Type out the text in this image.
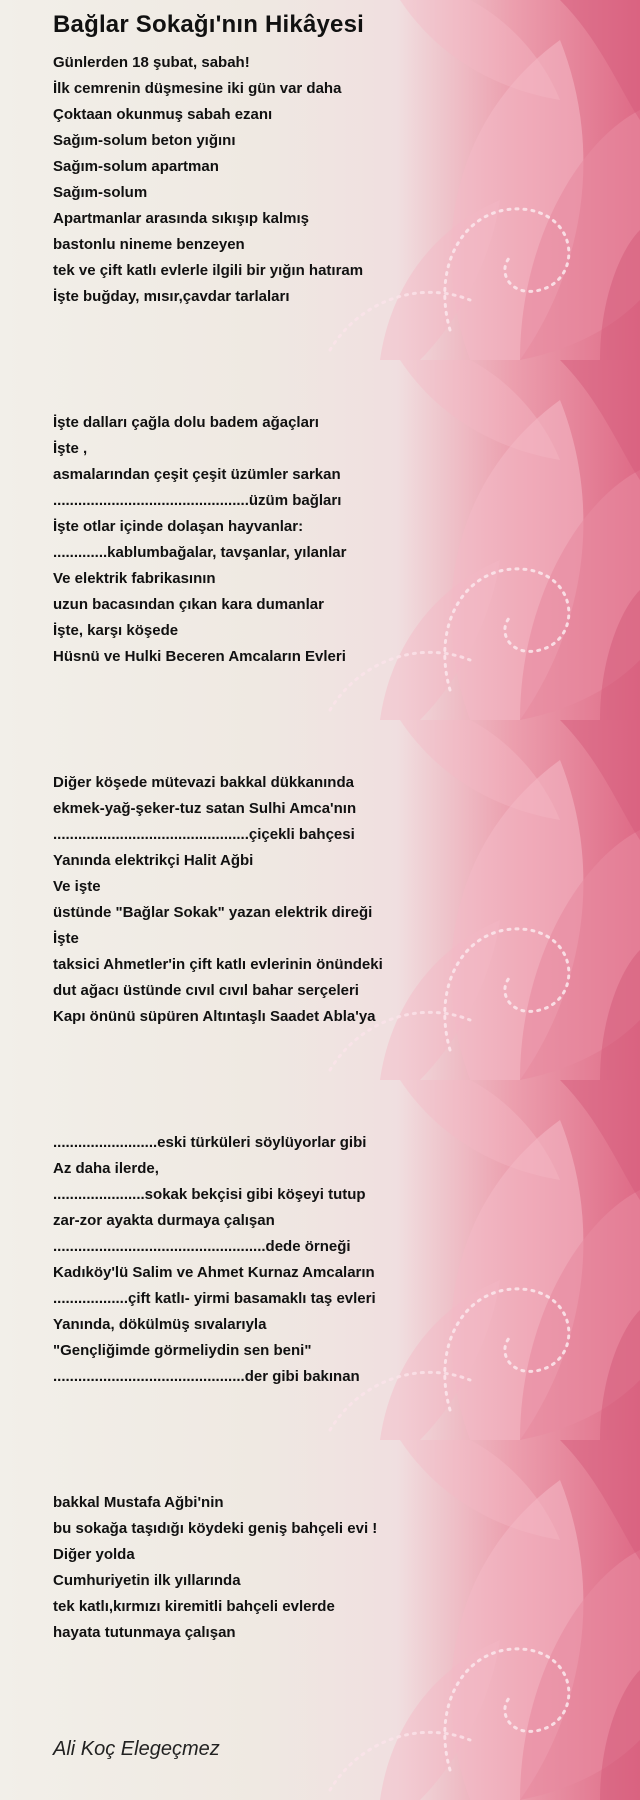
Bağlar Sokağı'nın Hikâyesi
Günlerden 18 şubat, sabah!
İlk cemrenin düşmesine iki gün var daha
Çoktaan okunmuş sabah ezanı
Sağım-solum beton yığını
Sağım-solum apartman
Sağım-solum
Apartmanlar arasında sıkışıp kalmış
bastonlu nineme benzeyen
tek ve çift katlı evlerle ilgili bir yığın hatıram
İşte buğday, mısır,çavdar tarlaları
İşte dalları çağla dolu badem ağaçları
İşte ,
asmalarından çeşit çeşit üzümler sarkan
...............................................üzüm bağları
İşte otlar içinde dolaşan hayvanlar:
.............kablumbağalar, tavşanlar, yılanlar
Ve elektrik fabrikasının
uzun bacasından çıkan kara dumanlar
İşte, karşı köşede
Hüsnü ve Hulki Beceren Amcaların Evleri
Diğer köşede mütevazi bakkal dükkanında
ekmek-yağ-şeker-tuz satan Sulhi Amca'nın
...............................................çiçekli bahçesi
Yanında elektrikçi Halit Ağbi
Ve işte
üstünde "Bağlar Sokak" yazan elektrik direği
İşte
taksici Ahmetler'in çift katlı evlerinin önündeki
dut ağacı üstünde cıvıl cıvıl bahar serçeleri
Kapı önünü süpüren Altıntaşlı Saadet Abla'ya
.........................eski türküleri söylüyorlar gibi
Az daha ilerde,
......................sokak bekçisi gibi köşeyi tutup
zar-zor ayakta durmaya çalışan
...................................................dede örneği
Kadıköy'lü Salim ve Ahmet Kurnaz Amcaların
..................çift katlı- yirmi basamaklı taş evleri
Yanında, dökülmüş sıvalarıyla
"Gençliğimde görmeliydin sen beni"
..............................................der gibi bakınan
bakkal Mustafa Ağbi'nin
bu sokağa taşıdığı köydeki geniş bahçeli evi !
Diğer yolda
Cumhuriyetin ilk yıllarında
tek katlı,kırmızı kiremitli bahçeli evlerde
hayata tutunmaya çalışan
Ali Koç Elegeçmez
